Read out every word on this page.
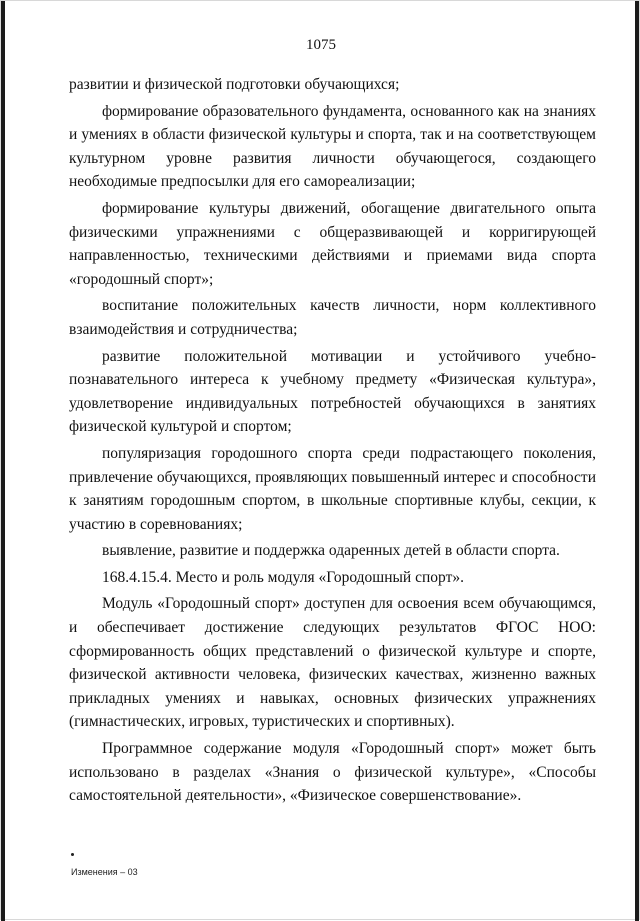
1075

развитии и физической подготовки обучающихся;

формирование образовательного фундамента, основанного как на знаниях и умениях в области физической культуры и спорта, так и на соответствующем культурном уровне развития личности обучающегося, создающего необходимые предпосылки для его самореализации;

формирование культуры движений, обогащение двигательного опыта физическими упражнениями с общеразвивающей и корригирующей направленностью, техническими действиями и приемами вида спорта «городошный спорт»;

воспитание положительных качеств личности, норм коллективного взаимодействия и сотрудничества;

развитие положительной мотивации и устойчивого учебно-познавательного интереса к учебному предмету «Физическая культура», удовлетворение индивидуальных потребностей обучающихся в занятиях физической культурой и спортом;

популяризация городошного спорта среди подрастающего поколения, привлечение обучающихся, проявляющих повышенный интерес и способности к занятиям городошным спортом, в школьные спортивные клубы, секции, к участию в соревнованиях;

выявление, развитие и поддержка одаренных детей в области спорта.

168.4.15.4. Место и роль модуля «Городошный спорт».

Модуль «Городошный спорт» доступен для освоения всем обучающимся, и обеспечивает достижение следующих результатов ФГОС НОО: сформированность общих представлений о физической культуре и спорте, физической активности человека, физических качествах, жизненно важных прикладных умениях и навыках, основных физических упражнениях (гимнастических, игровых, туристических и спортивных).

Программное содержание модуля «Городошный спорт» может быть использовано в разделах «Знания о физической культуре», «Способы самостоятельной деятельности», «Физическое совершенствование».

Изменения – 03
